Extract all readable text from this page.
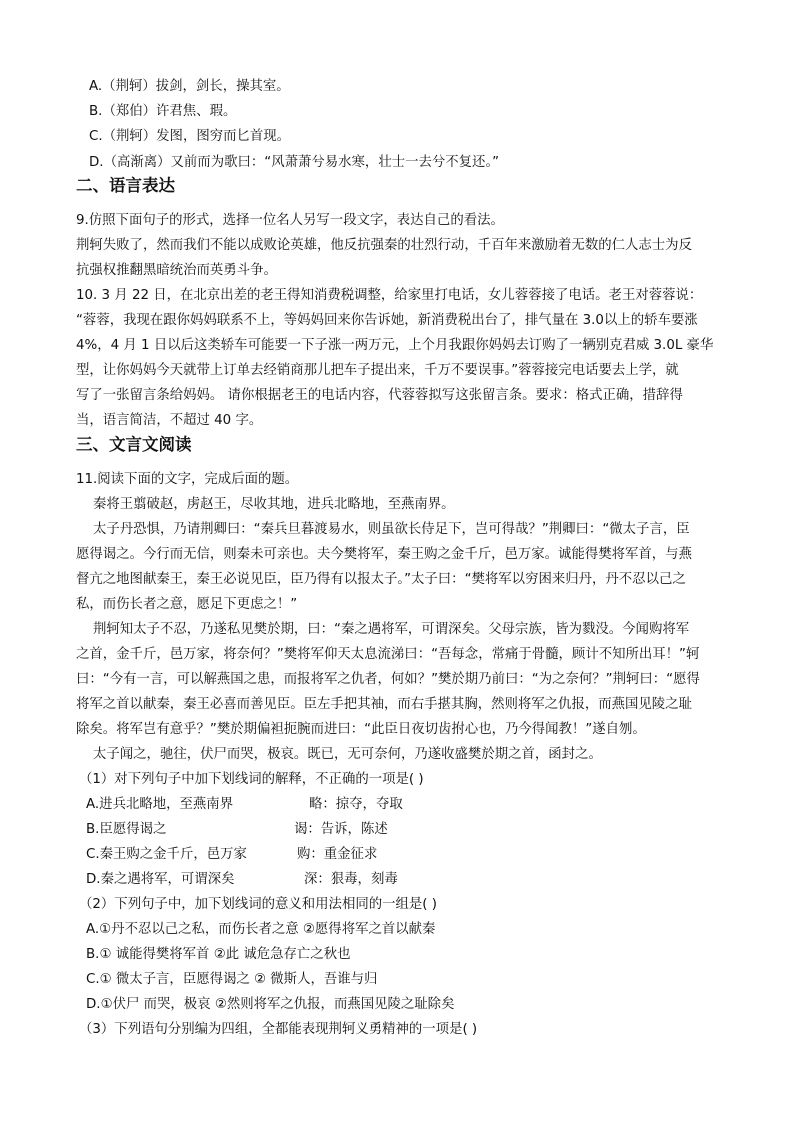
A.（荆轲）拔剑，剑长，操其室。
B.（郑伯）许君焦、瑕。
C.（荆轲）发图，图穷而匕首现。
D.（高渐离）又前而为歌曰：“风萧萧兮易水寒，壮士一去兮不复还。”
二、语言表达
9.仿照下面句子的形式，选择一位名人另写一段文字，表达自己的看法。
荆轲失败了，然而我们不能以成败论英雄，他反抗强秦的壮烈行动，千百年来激励着无数的仁人志士为反
抗强权推翻黑暗统治而英勇斗争。
10. 3 月 22 日，在北京出差的老王得知消费税调整，给家里打电话，女儿蓉蓉接了电话。老王对蓉蓉说：
“蓉蓉，我现在跟你妈妈联系不上，等妈妈回来你告诉她，新消费税出台了，排气量在 3.0以上的轿车要涨
4%，4 月 1 日以后这类轿车可能要一下子涨一两万元，上个月我跟你妈妈去订购了一辆别克君威 3.0L 豪华
型，让你妈妈今天就带上订单去经销商那儿把车子提出来，千万不要误事。”蓉蓉接完电话要去上学，就
写了一张留言条给妈妈。 请你根据老王的电话内容，代蓉蓉拟写这张留言条。要求：格式正确，措辞得
当，语言简洁，不超过 40 字。
三、文言文阅读
11.阅读下面的文字，完成后面的题。
秦将王翦破赵，虏赵王，尽收其地，进兵北略地，至燕南界。
太子丹恐惧，乃请荆卿曰：“秦兵旦暮渡易水，则虽欲长侍足下，岂可得哉？”荆卿曰：“微太子言，臣
愿得谒之。今行而无信，则秦未可亲也。夫今樊将军，秦王购之金千斤，邑万家。诚能得樊将军首，与燕
督亢之地图献秦王，秦王必说见臣，臣乃得有以报太子。”太子曰：“樊将军以穷困来归丹，丹不忍以己之
私，而伤长者之意，愿足下更虑之！”
荆轲知太子不忍，乃遂私见樊於期，曰：“秦之遇将军，可谓深矣。父母宗族，皆为戮没。今闻购将军
之首，金千斤，邑万家，将奈何？”樊将军仰天太息流涕曰：“吾每念，常痛于骨髓，顾计不知所出耳！”轲
曰：“今有一言，可以解燕国之患，而报将军之仇者，何如？”樊於期乃前曰：“为之奈何？”荆轲曰：“愿得
将军之首以献秦，秦王必喜而善见臣。臣左手把其袖，而右手揕其胸，然则将军之仇报，而燕国见陵之耻
除矣。将军岂有意乎？”樊於期偏袒扼腕而进曰：“此臣日夜切齿拊心也，乃今得闻教！”遂自刎。
太子闻之，驰往，伏尸而哭，极哀。既已，无可奈何，乃遂收盛樊於期之首，函封之。
（1）对下列句子中加下划线词的解释，不正确的一项是( )
A.进兵北略地，至燕南界	略：掠夺，夺取
B.臣愿得谒之	谒：告诉，陈述
C.秦王购之金千斤，邑万家	购：重金征求
D.秦之遇将军，可谓深矣	深：狠毒，刻毒
（2）下列句子中，加下划线词的意义和用法相同的一组是( )
A.①丹不忍以己之私，而伤长者之意 ②愿得将军之首以献秦
B.① 诚能得樊将军首 ②此 诚危急存亡之秋也
C.① 微太子言，臣愿得谒之 ② 微斯人，吾谁与归
D.①伏尸 而哭，极哀 ②然则将军之仇报，而燕国见陵之耻除矣
（3）下列语句分别编为四组，全都能表现荆轲义勇精神的一项是( )
